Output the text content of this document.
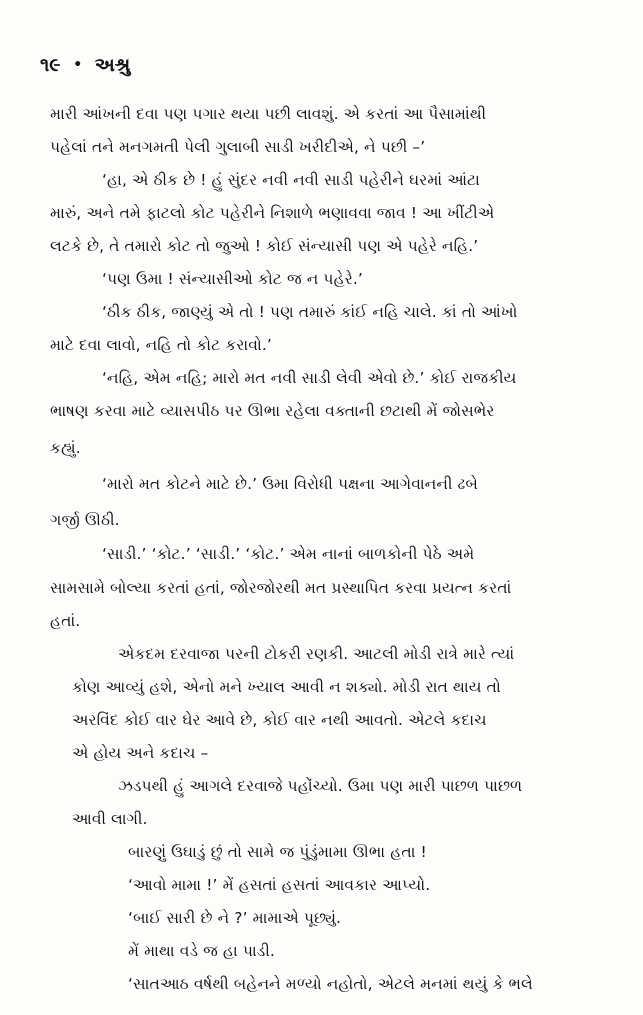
૧૯ • અશ્રુ
મારી આંખની દવા પણ પગાર થયા પછી લાવશું. એ કરતાં આ પૈસામાંથી
પહેલાં તને મનગમતી પેલી ગુલાબી સાડી ખરીદીએ, ને પછી –’
‘હા, એ ઠીક છે ! હું સુંદર નવી નવી સાડી પહેરીને ઘરમાં આંટા
મારું, અને તમે ફાટલો કોટ પહેરીને નિશાળે ભણાવવા જાવ ! આ ખીંટીએ
લટકે છે, તે તમારો કોટ તો જુઓ ! કોઈ સંન્યાસી પણ એ પહેરે નહિ.’
‘પણ ઉમા ! સંન્યાસીઓ કોટ જ ન પહેરે.’
‘ઠીક ઠીક, જાણ્યું એ તો ! પણ તમારું કાંઈ નહિ ચાલે. કાં તો આંખો
માટે દવા લાવો, નહિ તો કોટ કરાવો.’
‘નહિ, એમ નહિ; મારો મત નવી સાડી લેવી એવો છે.’ કોઈ રાજકીય
ભાષણ કરવા માટે વ્યાસપીઠ પર ઊભા રહેલા વક્તાની છટાથી મેં જોસભેર
કહ્યું.
‘મારો મત કોટને માટે છે.’ ઉમા વિરોધી પક્ષના આગેવાનની ઢબે
ગર્જી ઊઠી.
‘સાડી.’ ‘કોટ.’ ‘સાડી.’ ‘કોટ.’ એમ નાનાં બાળકોની પેઠે અમે
સામસામે બોલ્યા કરતાં હતાં, જોરજોરથી મત પ્રસ્થાપિત કરવા પ્રયત્ન કરતાં
હતાં.
એકદમ દરવાજા પરની ટોકરી રણકી. આટલી મોડી રાત્રે મારે ત્યાં
કોણ આવ્યું હશે, એનો મને ખ્યાલ આવી ન શક્યો. મોડી રાત થાય તો
અરવિંદ કોઈ વાર ઘેર આવે છે, કોઈ વાર નથી આવતો. એટલે કદાચ
એ હોય અને કદાચ –
ઝડપથી હું આગલે દરવાજે પહોંચ્યો. ઉમા પણ મારી પાછળ પાછળ
આવી લાગી.
બારણું ઉઘાડું છું તો સામે જ પુંડુંમામા ઊભા હતા !
‘આવો મામા !’ મેં હસતાં હસતાં આવકાર આપ્યો.
‘બાઈ સારી છે ને ?’ મામાએ પૂછ્યું.
મેં માથા વડે જ હા પાડી.
‘સાતઆઠ વર્ષથી બહેનને મળ્યો નહોતો, એટલે મનમાં થયું કે ભલે
